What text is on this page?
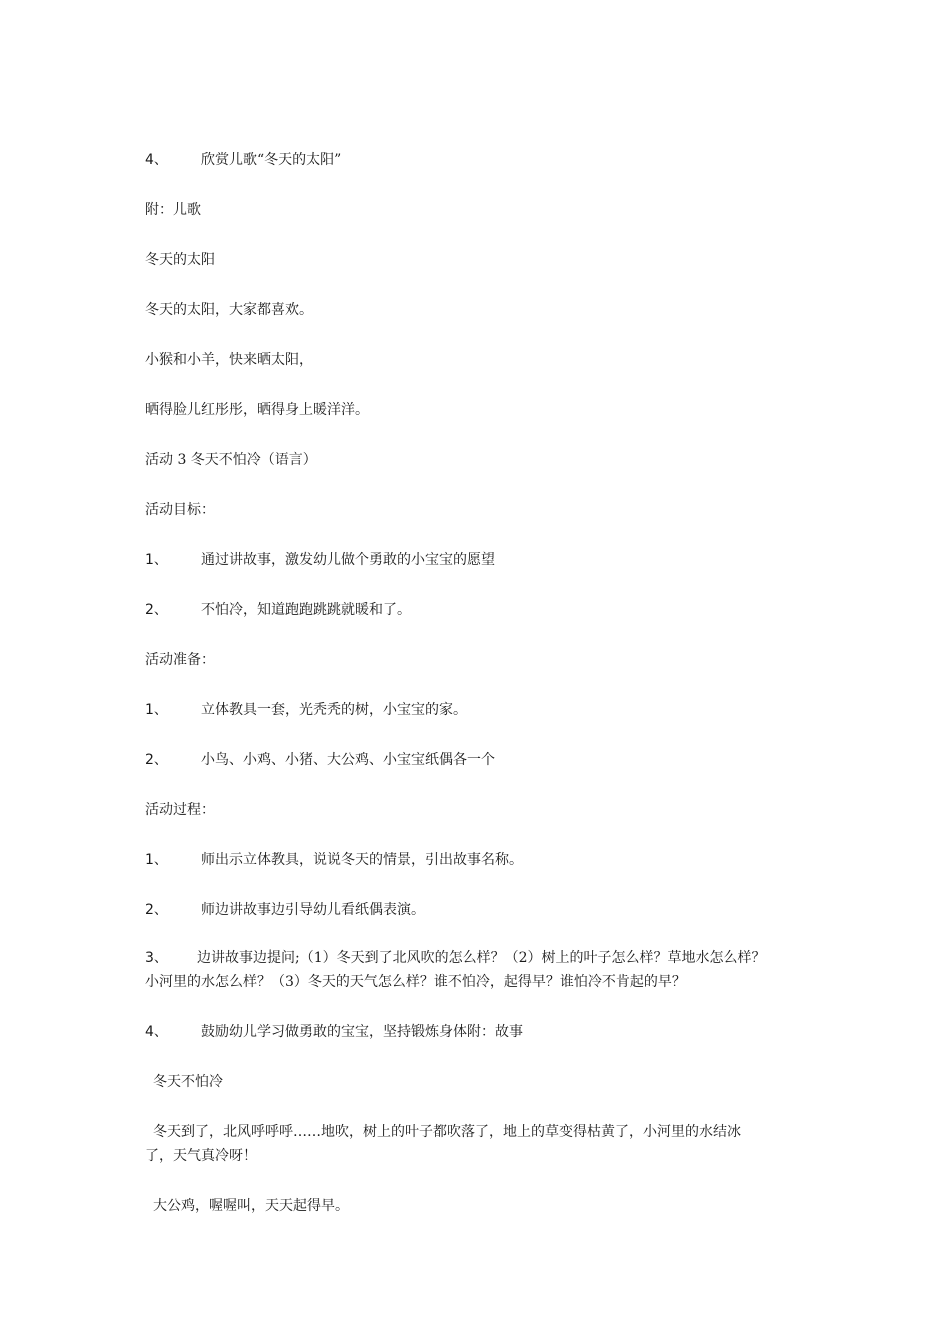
4、 欣赏儿歌“冬天的太阳”

附：儿歌

冬天的太阳

冬天的太阳，大家都喜欢。

小猴和小羊，快来晒太阳，

晒得脸儿红彤彤，晒得身上暖洋洋。

活动 3 冬天不怕冷（语言）

活动目标：

1、 通过讲故事，激发幼儿做个勇敢的小宝宝的愿望

2、 不怕冷，知道跑跑跳跳就暖和了。

活动准备：

1、 立体教具一套，光秃秃的树，小宝宝的家。

2、 小鸟、小鸡、小猪、大公鸡、小宝宝纸偶各一个

活动过程：

1、 师出示立体教具，说说冬天的情景，引出故事名称。

2、 师边讲故事边引导幼儿看纸偶表演。

3、 边讲故事边提问;（1）冬天到了北风吹的怎么样？（2）树上的叶子怎么样？草地水怎么样？

小河里的水怎么样？（3）冬天的天气怎么样？谁不怕冷，起得早？谁怕冷不肯起的早？

4、 鼓励幼儿学习做勇敢的宝宝，坚持锻炼身体附：故事

冬天不怕冷

冬天到了，北风呼呼呼……地吹，树上的叶子都吹落了，地上的草变得枯黄了，小河里的水结冰

了，天气真冷呀！

大公鸡，喔喔叫，天天起得早。
